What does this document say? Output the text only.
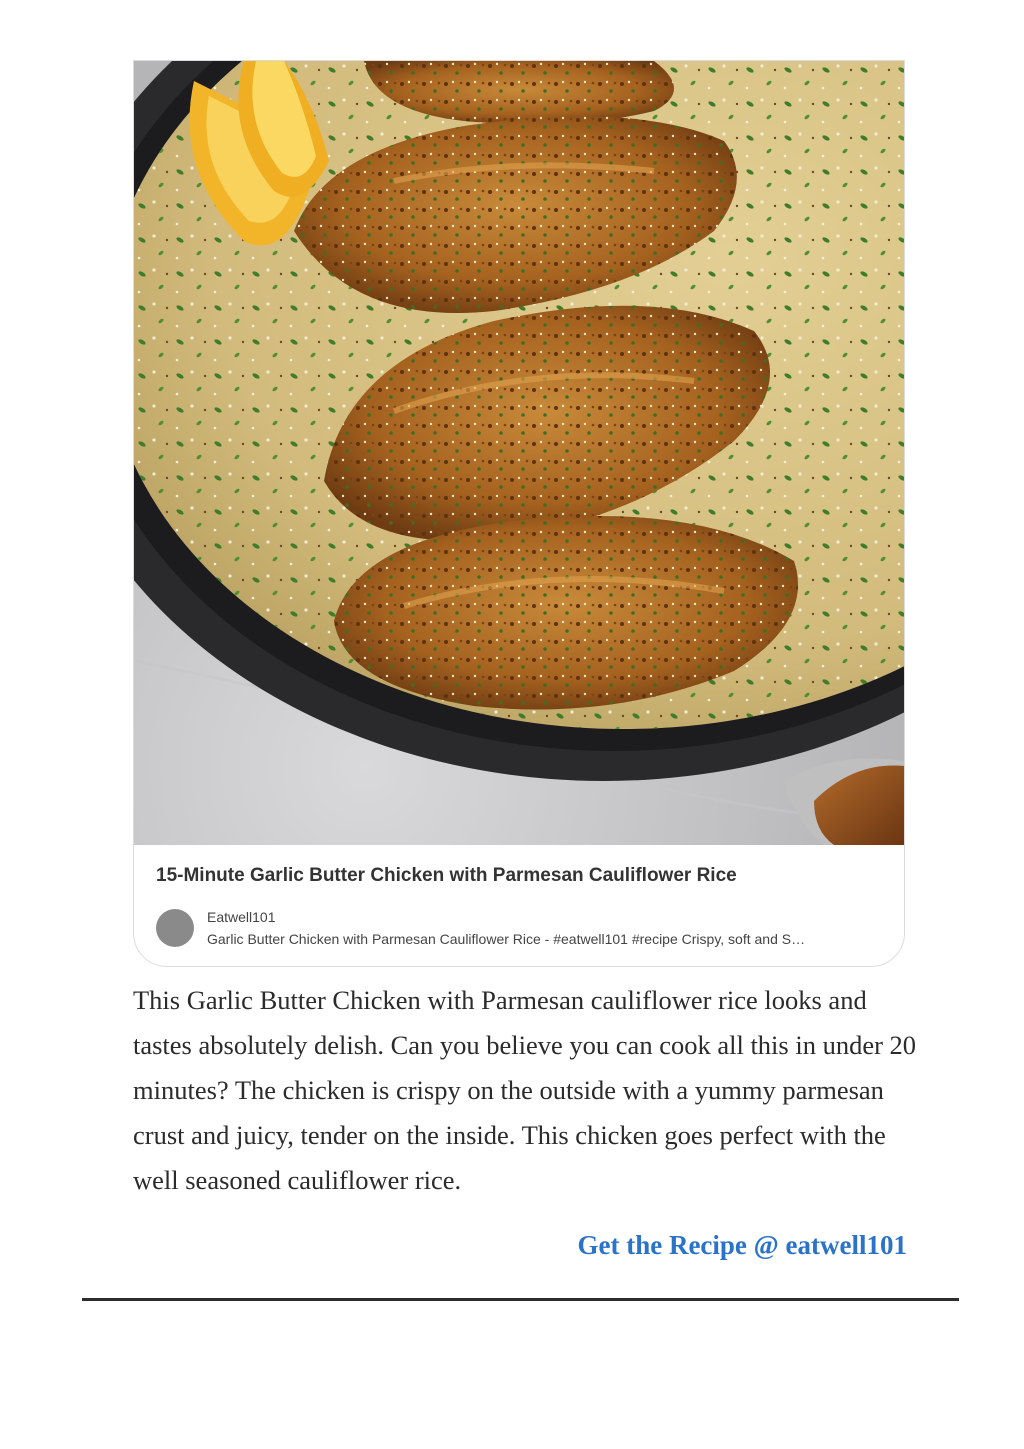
15-Minute Garlic Butter Chicken with Parmesan Cauliflower Rice
Eatwell101
Garlic Butter Chicken with Parmesan Cauliflower Rice - #eatwell101 #recipe Crispy, soft and S…

This Garlic Butter Chicken with Parmesan cauliflower rice looks and tastes absolutely delish. Can you believe you can cook all this in under 20 minutes? The chicken is crispy on the outside with a yummy parmesan crust and juicy, tender on the inside. This chicken goes perfect with the well seasoned cauliflower rice.

Get the Recipe @ eatwell101
